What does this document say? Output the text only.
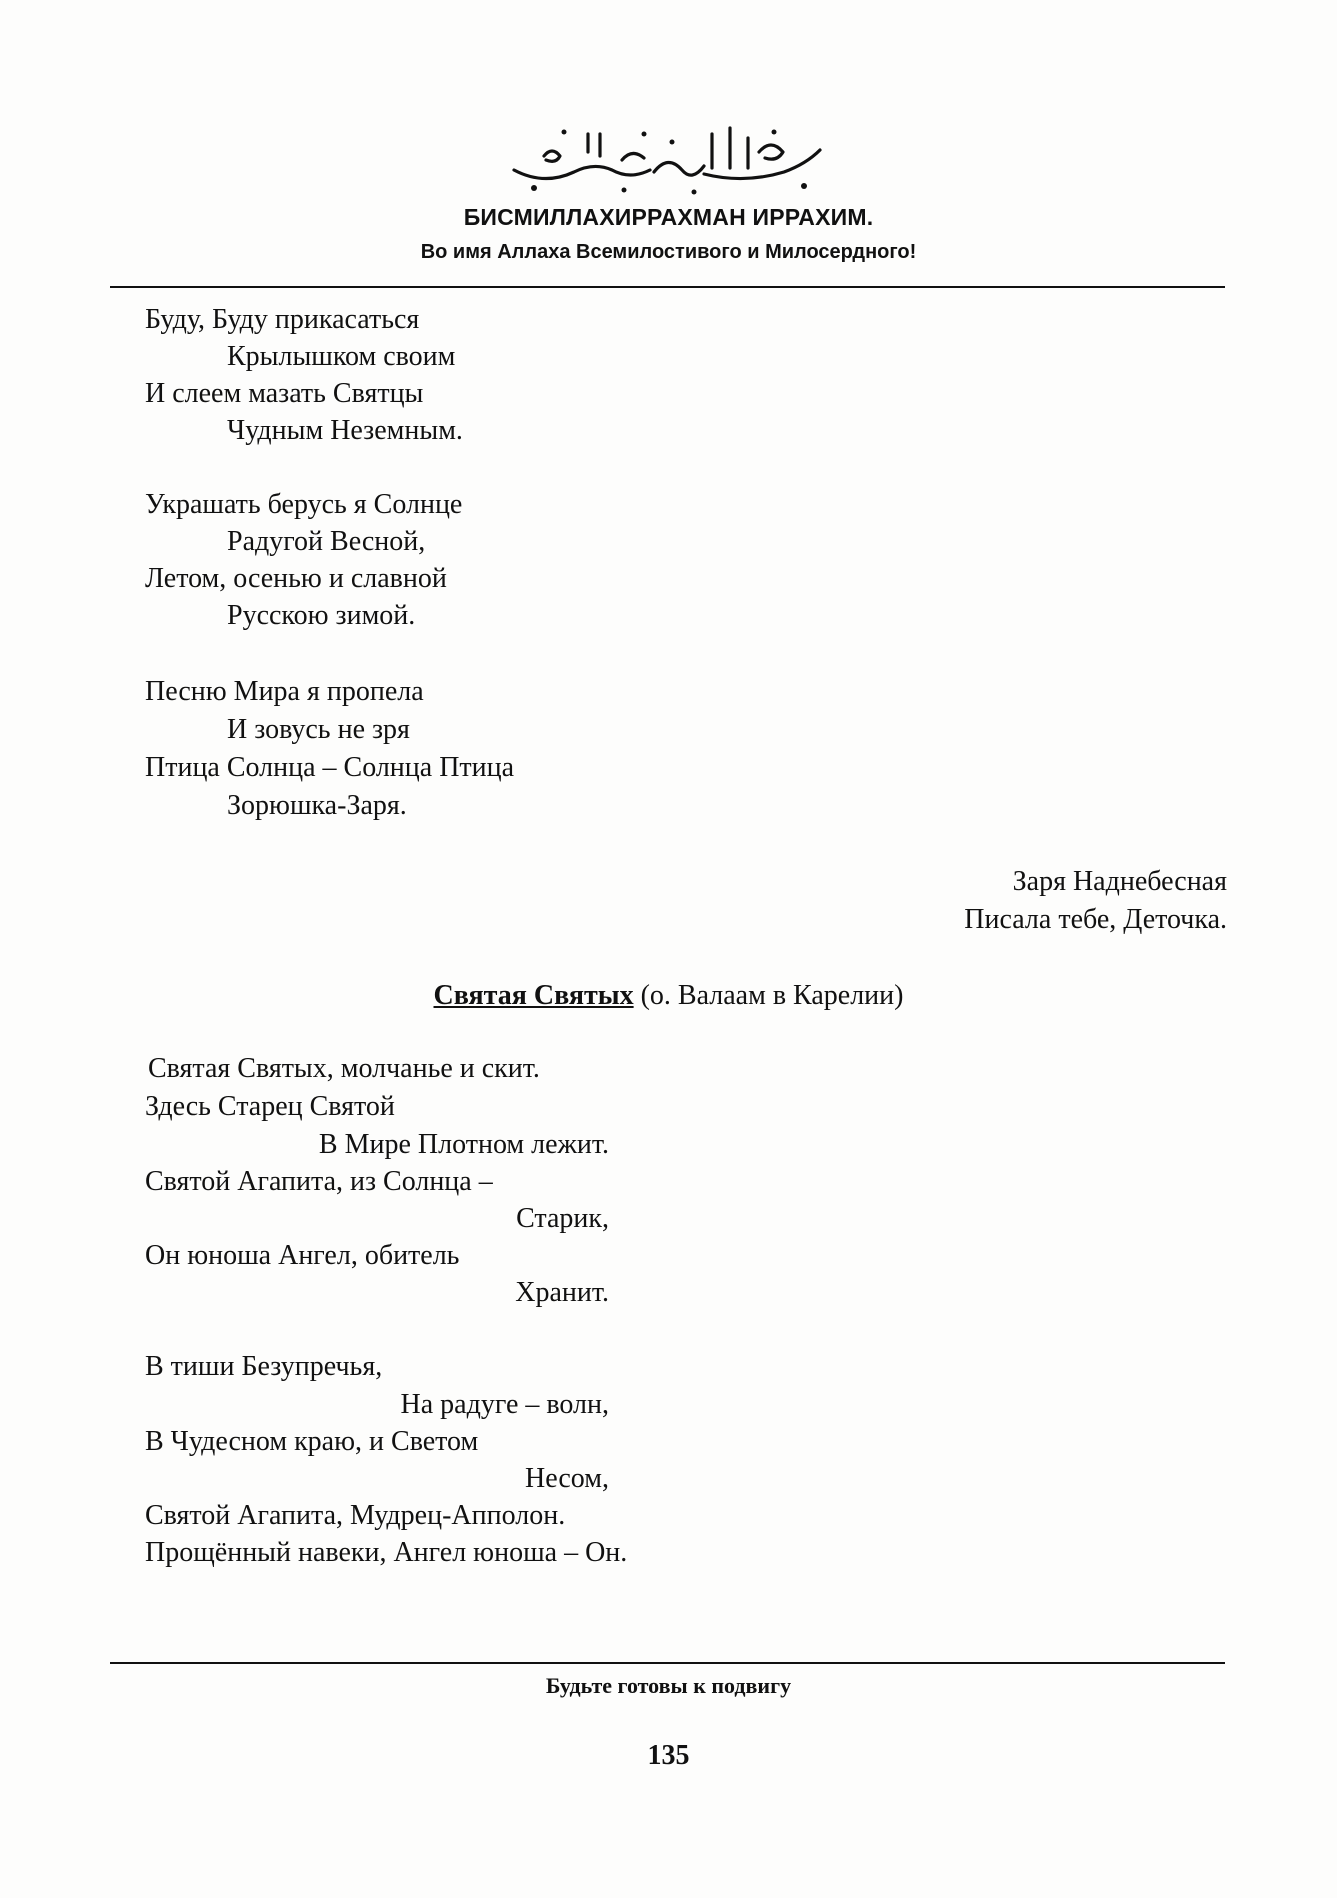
БИСМИЛЛАХИРРАХМАН ИРРАХИМ.
Во имя Аллаха Всемилостивого и Милосердного!
Буду, Буду прикасаться
Крылышком своим
И слеем мазать Святцы
Чудным Неземным.
Украшать берусь я Солнце
Радугой Весной,
Летом, осенью и славной
Русскою зимой.
Песню Мира я пропела
И зовусь не зря
Птица Солнца – Солнца Птица
Зорюшка-Заря.
Заря Наднебесная
Писала тебе, Деточка.
Святая Святых (о. Валаам в Карелии)
Святая Святых, молчанье и скит.
Здесь Старец Святой
В Мире Плотном лежит.
Святой Агапита, из Солнца –
Старик,
Он юноша Ангел, обитель
Хранит.
В тиши Безупречья,
На радуге – волн,
В Чудесном краю, и Светом
Несом,
Святой Агапита, Мудрец-Апполон.
Прощённый навеки, Ангел юноша – Он.
Будьте готовы к подвигу
135
